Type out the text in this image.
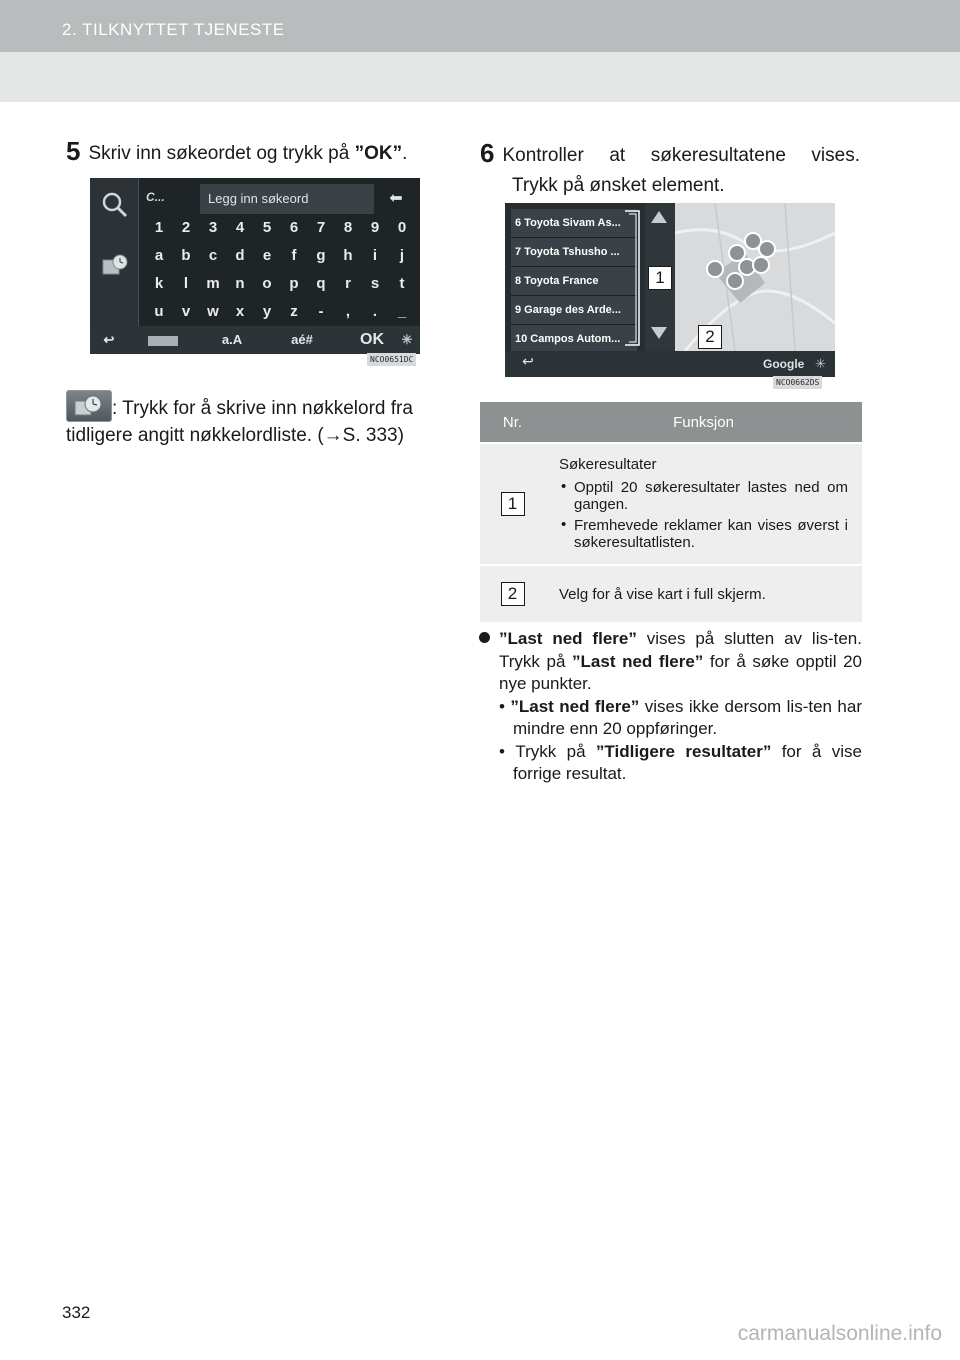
2. TILKNYTTET TJENESTE
5 Skriv inn søkeordet og trykk på ”OK”.
C...	Legg inn søkeord	⬅
1	2	3	4	5	6	7	8	9	0
a	b	c	d	e	f	g	h	i	j
k	l	m	n	o	p	q	r	s	t
u	v	w	x	y	z	-	,	.	_
↩	a.A	aé#	OK	✳
NCO0651DC
: Trykk for å skrive inn nøkkelord fra
tidligere angitt nøkkelordliste. (→S. 333)
6 Kontroller at søkeresultatene vises.
Trykk på ønsket element.
6 Toyota Sivam As...
7 Toyota Tshusho ...
8 Toyota France
9 Garage des Arde...
10 Campos Autom...
↩	Google ✳
NCO0662DS
1
2
Nr.	Funksjon
1	Søkeresultater

• Opptil 20 søkeresultater lastes ned om gangen.

• Fremhevede reklamer kan vises øverst i søkeresultatlisten.

2	Velg for å vise kart i full skjerm.

”Last ned flere” vises på slutten av lis-ten. Trykk på ”Last ned flere” for å søke opptil 20 nye punkter.

• ”Last ned flere” vises ikke dersom lis-ten har mindre enn 20 oppføringer.

• Trykk på ”Tidligere resultater” for å vise forrige resultat.

332
carmanualsonline.info
